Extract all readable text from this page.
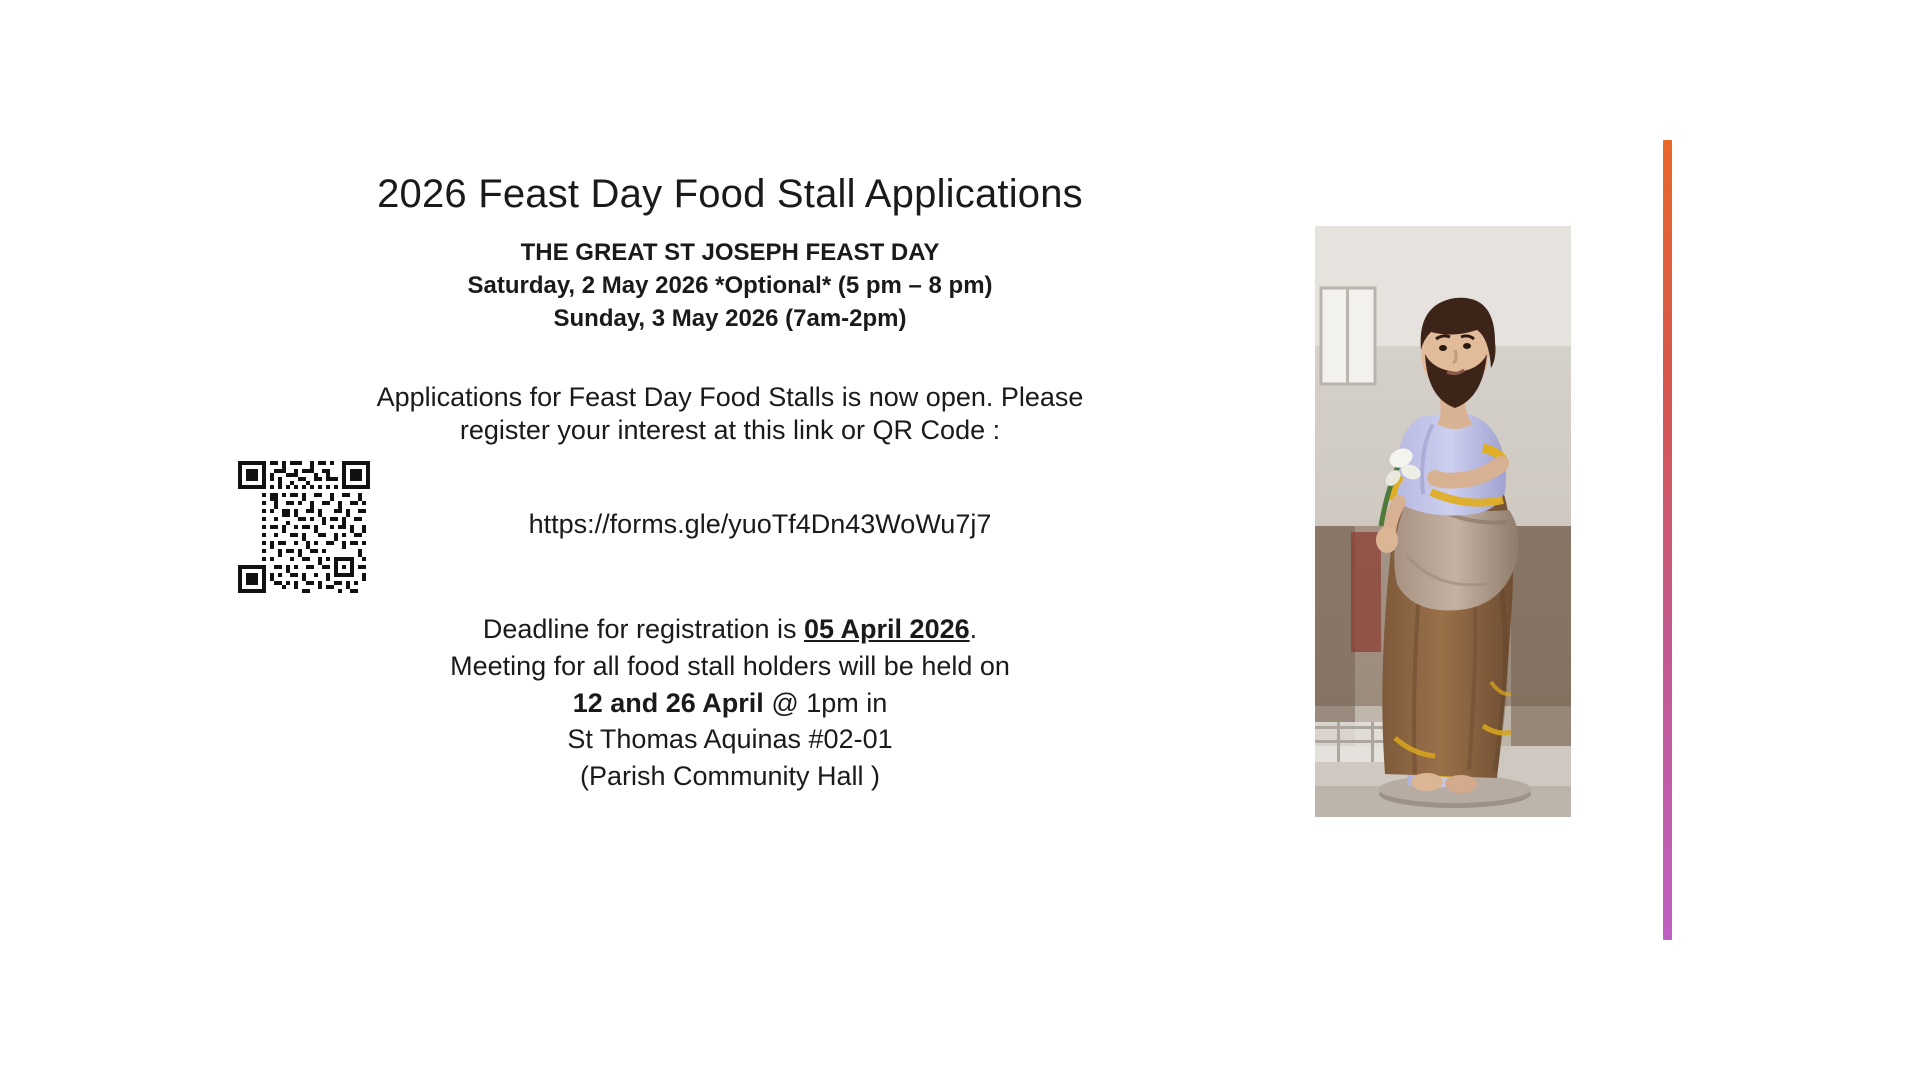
2026 Feast Day Food Stall Applications
THE GREAT ST JOSEPH FEAST DAY
Saturday, 2 May 2026 *Optional* (5 pm – 8 pm)
Sunday, 3 May 2026 (7am-2pm)
Applications for Feast Day Food Stalls is now open. Please
register your interest at this link or QR Code :
https://forms.gle/yuoTf4Dn43WoWu7j7
Deadline for registration is 05 April 2026.
Meeting for all food stall holders will be held on
12 and 26 April @ 1pm in
St Thomas Aquinas #02-01
(Parish Community Hall )
